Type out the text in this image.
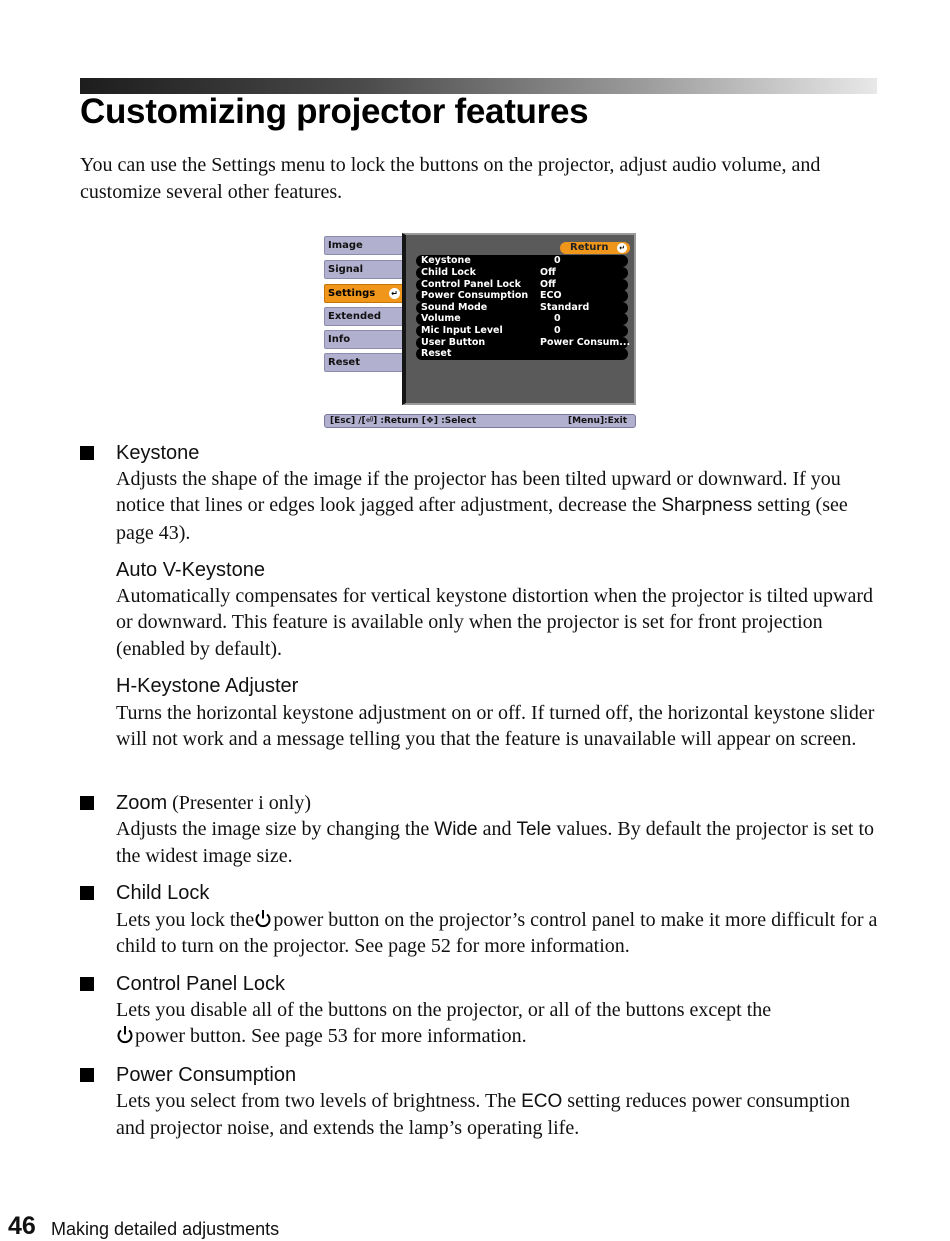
Customizing projector features

You can use the Settings menu to lock the buttons on the projector, adjust audio volume, and customize several other features.

Image
Signal
Settings ↵
Extended
Info
Reset
Return ↵
Keystone	0
Child Lock	Off
Control Panel Lock Off
Power Consumption ECO
Sound Mode	Standard
Volume	0
Mic Input Level	0
User Button	Power Consum...
Reset
[Esc] /[⏎] :Return [❖] :Select	[Menu]:Exit
Keystone

Adjusts the shape of the image if the projector has been tilted upward or downward. If you notice that lines or edges look jagged after adjustment, decrease the Sharpness setting (see page 43).

Auto V-Keystone

Automatically compensates for vertical keystone distortion when the projector is tilted upward or downward. This feature is available only when the projector is set for front projection (enabled by default).

H-Keystone Adjuster

Turns the horizontal keystone adjustment on or off. If turned off, the horizontal keystone slider will not work and a message telling you that the feature is unavailable will appear on screen.

Zoom (Presenter i only)

Adjusts the image size by changing the Wide and Tele values. By default the projector is set to the widest image size.

Child Lock

Lets you lock the power button on the projector’s control panel to make it more difficult for a child to turn on the projector. See page 52 for more information.

Control Panel Lock

Lets you disable all of the buttons on the projector, or all of the buttons except the
power button. See page 53 for more information.

Power Consumption

Lets you select from two levels of brightness. The ECO setting reduces power consumption and projector noise, and extends the lamp’s operating life.

46 Making detailed adjustments
